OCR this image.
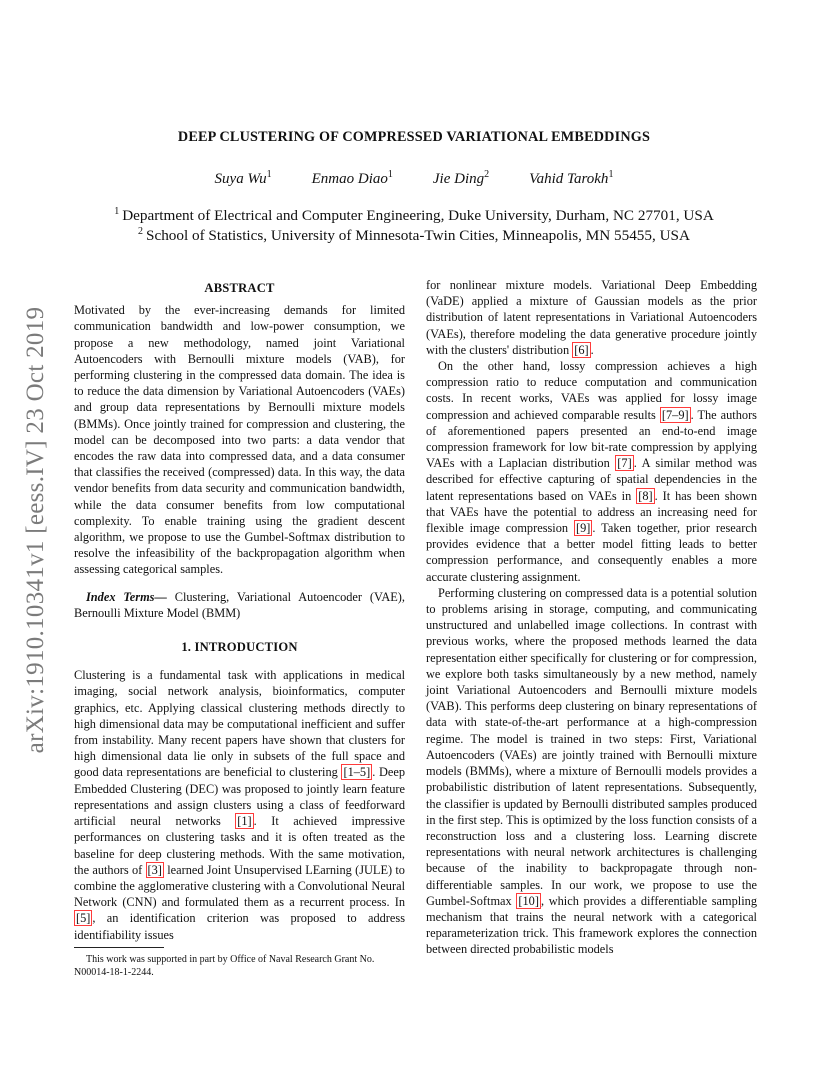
arXiv:1910.10341v1 [eess.IV] 23 Oct 2019
DEEP CLUSTERING OF COMPRESSED VARIATIONAL EMBEDDINGS
Suya Wu$^1$	Enmao Diao$^1$	Jie Ding$^2$	Vahid Tarokh$^1$
$^1$ Department of Electrical and Computer Engineering, Duke University, Durham, NC 27701, USA
$^2$ School of Statistics, University of Minnesota-Twin Cities, Minneapolis, MN 55455, USA
ABSTRACT

Motivated by the ever-increasing demands for limited communication bandwidth and low-power consumption, we propose a new methodology, named joint Variational Autoencoders with Bernoulli mixture models (VAB), for performing clustering in the compressed data domain. The idea is to reduce the data dimension by Variational Autoencoders (VAEs) and group data representations by Bernoulli mixture models (BMMs). Once jointly trained for compression and clustering, the model can be decomposed into two parts: a data vendor that encodes the raw data into compressed data, and a data consumer that classifies the received (compressed) data. In this way, the data vendor benefits from data security and communication bandwidth, while the data consumer benefits from low computational complexity. To enable training using the gradient descent algorithm, we propose to use the Gumbel-Softmax distribution to resolve the infeasibility of the backpropagation algorithm when assessing categorical samples.

Index Terms— Clustering, Variational Autoencoder (VAE), Bernoulli Mixture Model (BMM)

1. INTRODUCTION

Clustering is a fundamental task with applications in medical imaging, social network analysis, bioinformatics, computer graphics, etc. Applying classical clustering methods directly to high dimensional data may be computational inefficient and suffer from instability. Many recent papers have shown that clusters for high dimensional data lie only in subsets of the full space and good data representations are beneficial to clustering [1–5] . Deep Embedded Clustering (DEC) was proposed to jointly learn feature representations and assign clusters using a class of feedforward artificial neural networks [1] . It achieved impressive performances on clustering tasks and it is often treated as the baseline for deep clustering methods. With the same motivation, the authors of [3] learned Joint Unsupervised LEarning (JULE) to combine the agglomerative clustering with a Convolutional Neural Network (CNN) and formulated them as a recurrent process. In [5] , an identification criterion was proposed to address identifiability issues

This work was supported in part by Office of Naval Research Grant No. N00014-18-1-2244.

for nonlinear mixture models. Variational Deep Embedding (VaDE) applied a mixture of Gaussian models as the prior distribution of latent representations in Variational Autoencoders (VAEs), therefore modeling the data generative procedure jointly with the clusters' distribution [6] .

On the other hand, lossy compression achieves a high compression ratio to reduce computation and communication costs. In recent works, VAEs was applied for lossy image compression and achieved comparable results [7–9] . The authors of aforementioned papers presented an end-to-end image compression framework for low bit-rate compression by applying VAEs with a Laplacian distribution [7] . A similar method was described for effective capturing of spatial dependencies in the latent representations based on VAEs in [8] . It has been shown that VAEs have the potential to address an increasing need for flexible image compression [9] . Taken together, prior research provides evidence that a better model fitting leads to better compression performance, and consequently enables a more accurate clustering assignment.

Performing clustering on compressed data is a potential solution to problems arising in storage, computing, and communicating unstructured and unlabelled image collections. In contrast with previous works, where the proposed methods learned the data representation either specifically for clustering or for compression, we explore both tasks simultaneously by a new method, namely joint Variational Autoencoders and Bernoulli mixture models (VAB). This performs deep clustering on binary representations of data with state-of-the-art performance at a high-compression regime. The model is trained in two steps: First, Variational Autoencoders (VAEs) are jointly trained with Bernoulli mixture models (BMMs), where a mixture of Bernoulli models provides a probabilistic distribution of latent representations. Subsequently, the classifier is updated by Bernoulli distributed samples produced in the first step. This is optimized by the loss function consists of a reconstruction loss and a clustering loss. Learning discrete representations with neural network architectures is challenging because of the inability to backpropagate through non-differentiable samples. In our work, we propose to use the Gumbel-Softmax [10] , which provides a differentiable sampling mechanism that trains the neural network with a categorical reparameterization trick. This framework explores the connection between directed probabilistic models
